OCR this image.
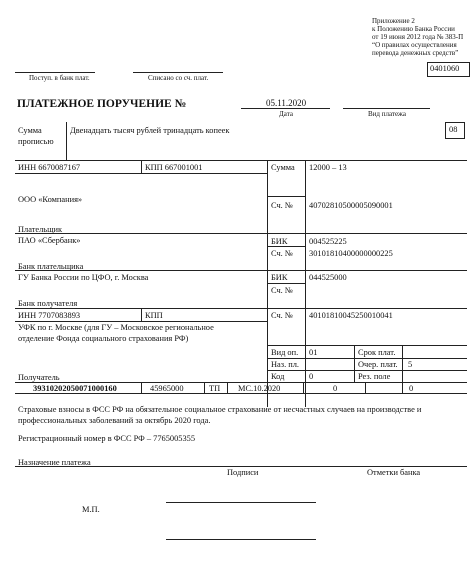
Приложение 2
к Положению Банка России
от 19 июня 2012 года № 383-П
“О правилах осуществления
перевода денежных средств”
0401060
Поступ. в банк плат.	Списано со сч. плат.
ПЛАТЕЖНОЕ ПОРУЧЕНИЕ №	05.11.2020
Дата	Вид платежа
08
Сумма
прописью
Двенадцать тысяч рублей тринадцать копеек
ИНН 6670087167	КПП 667001001	Сумма 12000 – 13
ООО «Компания»
Сч. № 40702810500005090001
Плательщик
ПАО «Сбербанк»	БИК	004525225
Сч. № 30101810400000000225
Банк плательщика
ГУ Банка России по ЦФО, г. Москва	БИК	044525000
Сч. №
Банк получателя
ИНН 7707083893	КПП	Сч. № 40101810045250010041
УФК по г. Москве (для ГУ – Московское региональное
отделение Фонда социального страхования РФ)
Получатель
Вид оп. 01	Срок плат.
Наз. пл.	Очер. плат. 5
Код	0	Рез. поле
39310202050071000160	45965000	ТП МС.10.2020	0	0
Страховые взносы в ФСС РФ на обязательное социальное страхование от несчастных случаев на производстве и
профессиональных заболеваний за октябрь 2020 года.
Регистрационный номер в ФСС РФ – 7765005355
Назначение платежа
Подписи	Отметки банка
М.П.
